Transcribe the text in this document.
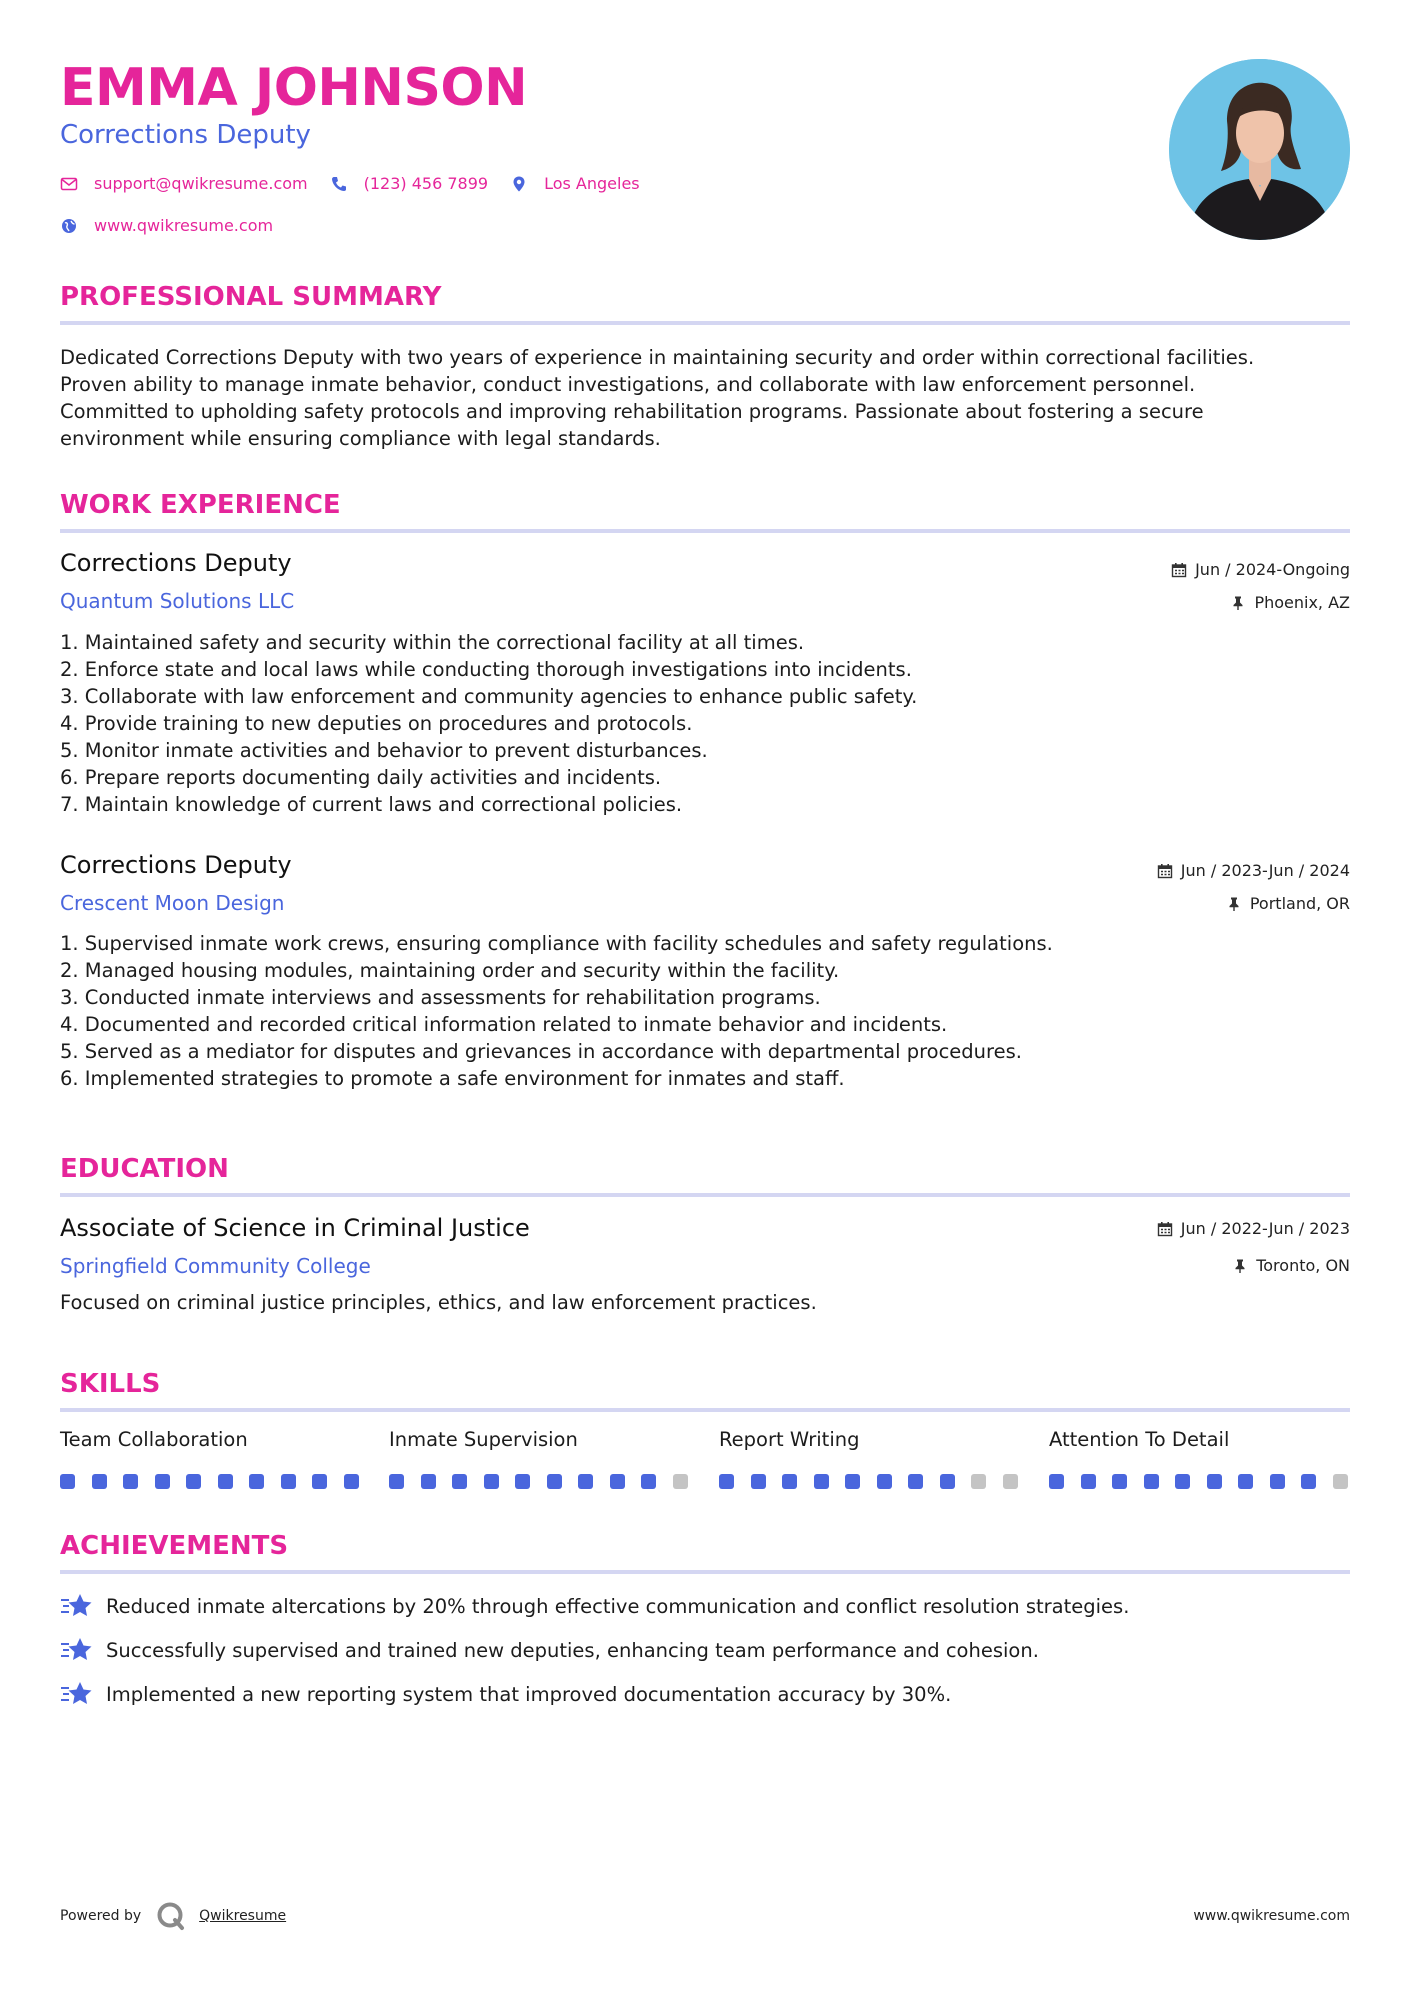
EMMA JOHNSON
Corrections Deputy
support@qwikresume.com	(123) 456 7899	Los Angeles
www.qwikresume.com
PROFESSIONAL SUMMARY
Dedicated Corrections Deputy with two years of experience in maintaining security and order within correctional facilities.
Proven ability to manage inmate behavior, conduct investigations, and collaborate with law enforcement personnel.
Committed to upholding safety protocols and improving rehabilitation programs. Passionate about fostering a secure
environment while ensuring compliance with legal standards.
WORK EXPERIENCE
Corrections Deputy
Quantum Solutions LLC
Jun / 2024-Ongoing
Phoenix, AZ
1. Maintained safety and security within the correctional facility at all times.
2. Enforce state and local laws while conducting thorough investigations into incidents.
3. Collaborate with law enforcement and community agencies to enhance public safety.
4. Provide training to new deputies on procedures and protocols.
5. Monitor inmate activities and behavior to prevent disturbances.
6. Prepare reports documenting daily activities and incidents.
7. Maintain knowledge of current laws and correctional policies.
Corrections Deputy
Crescent Moon Design
Jun / 2023-Jun / 2024
Portland, OR
1. Supervised inmate work crews, ensuring compliance with facility schedules and safety regulations.
2. Managed housing modules, maintaining order and security within the facility.
3. Conducted inmate interviews and assessments for rehabilitation programs.
4. Documented and recorded critical information related to inmate behavior and incidents.
5. Served as a mediator for disputes and grievances in accordance with departmental procedures.
6. Implemented strategies to promote a safe environment for inmates and staff.
EDUCATION
Associate of Science in Criminal Justice
Springfield Community College
Jun / 2022-Jun / 2023
Toronto, ON
Focused on criminal justice principles, ethics, and law enforcement practices.
SKILLS
Team Collaboration	Inmate Supervision	Report Writing	Attention To Detail
ACHIEVEMENTS
Reduced inmate altercations by 20% through effective communication and conflict resolution strategies.
Successfully supervised and trained new deputies, enhancing team performance and cohesion.
Implemented a new reporting system that improved documentation accuracy by 30%.
Powered by	Qwikresume	www.qwikresume.com
